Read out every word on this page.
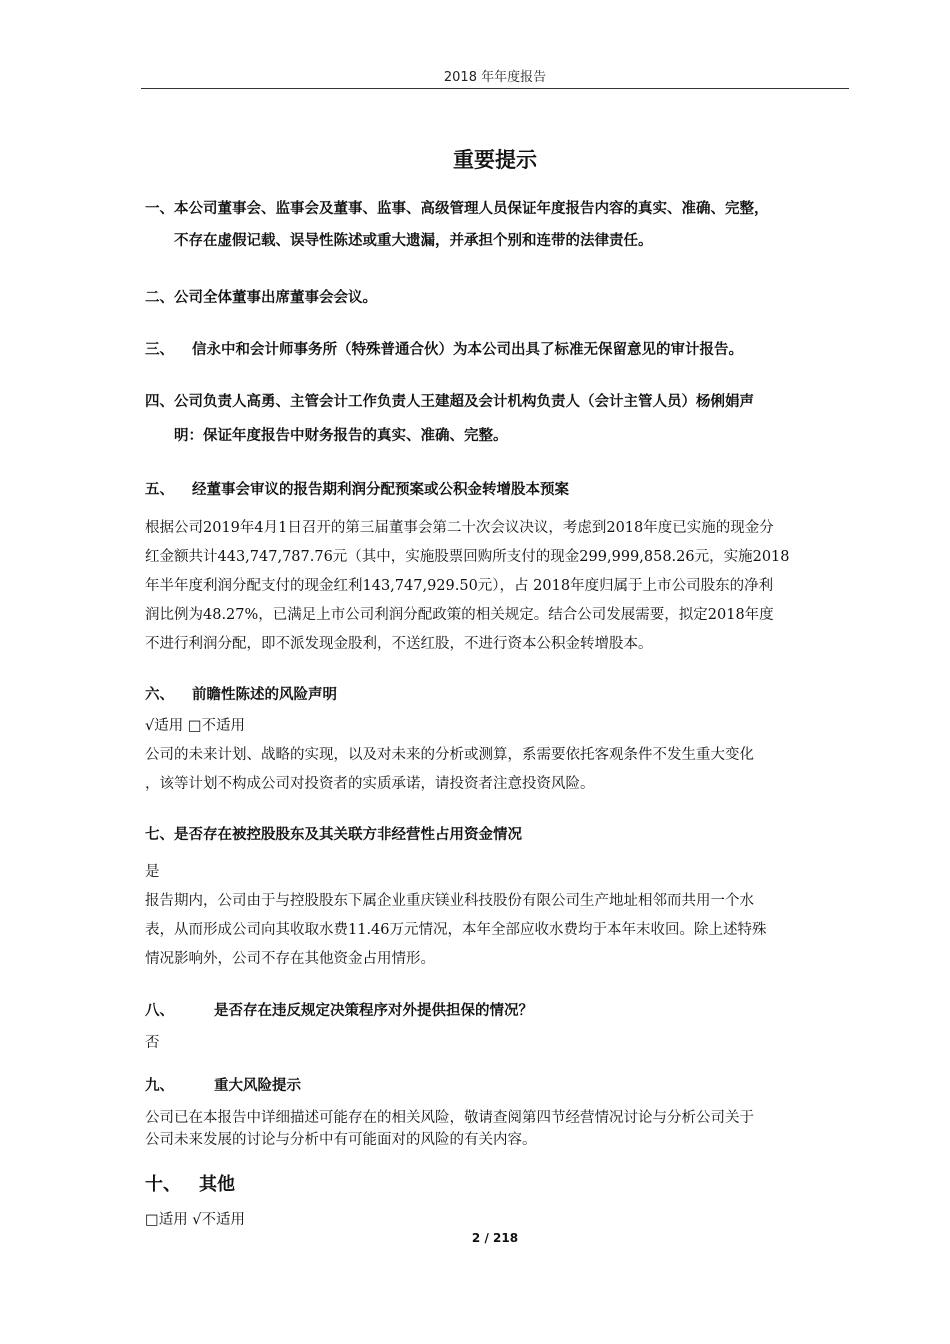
2018 年年度报告
重要提示
一、本公司董事会、监事会及董事、监事、高级管理人员保证年度报告内容的真实、准确、完整，
不存在虚假记载、误导性陈述或重大遗漏，并承担个别和连带的法律责任。
二、公司全体董事出席董事会会议。
三、 信永中和会计师事务所（特殊普通合伙）为本公司出具了标准无保留意见的审计报告。
四、公司负责人高勇、主管会计工作负责人王建超及会计机构负责人（会计主管人员）杨俐娟声
明：保证年度报告中财务报告的真实、准确、完整。
五、 经董事会审议的报告期利润分配预案或公积金转增股本预案
根据公司2019年4月1日召开的第三届董事会第二十次会议决议，考虑到2018年度已实施的现金分
红金额共计443,747,787.76元（其中，实施股票回购所支付的现金299,999,858.26元，实施2018
年半年度利润分配支付的现金红利143,747,929.50元），占 2018年度归属于上市公司股东的净利
润比例为48.27%，已满足上市公司利润分配政策的相关规定。结合公司发展需要，拟定2018年度
不进行利润分配，即不派发现金股利，不送红股，不进行资本公积金转增股本。
六、 前瞻性陈述的风险声明
√适用 □不适用
公司的未来计划、战略的实现，以及对未来的分析或测算，系需要依托客观条件不发生重大变化
，该等计划不构成公司对投资者的实质承诺，请投资者注意投资风险。
七、是否存在被控股股东及其关联方非经营性占用资金情况
是
报告期内，公司由于与控股股东下属企业重庆镁业科技股份有限公司生产地址相邻而共用一个水
表，从而形成公司向其收取水费11.46万元情况，本年全部应收水费均于本年末收回。除上述特殊
情况影响外，公司不存在其他资金占用情形。
八、	是否存在违反规定决策程序对外提供担保的情况？
否
九、	重大风险提示
公司已在本报告中详细描述可能存在的相关风险，敬请查阅第四节经营情况讨论与分析公司关于
公司未来发展的讨论与分析中有可能面对的风险的有关内容。
十、 其他
□适用 √不适用
2 / 218
